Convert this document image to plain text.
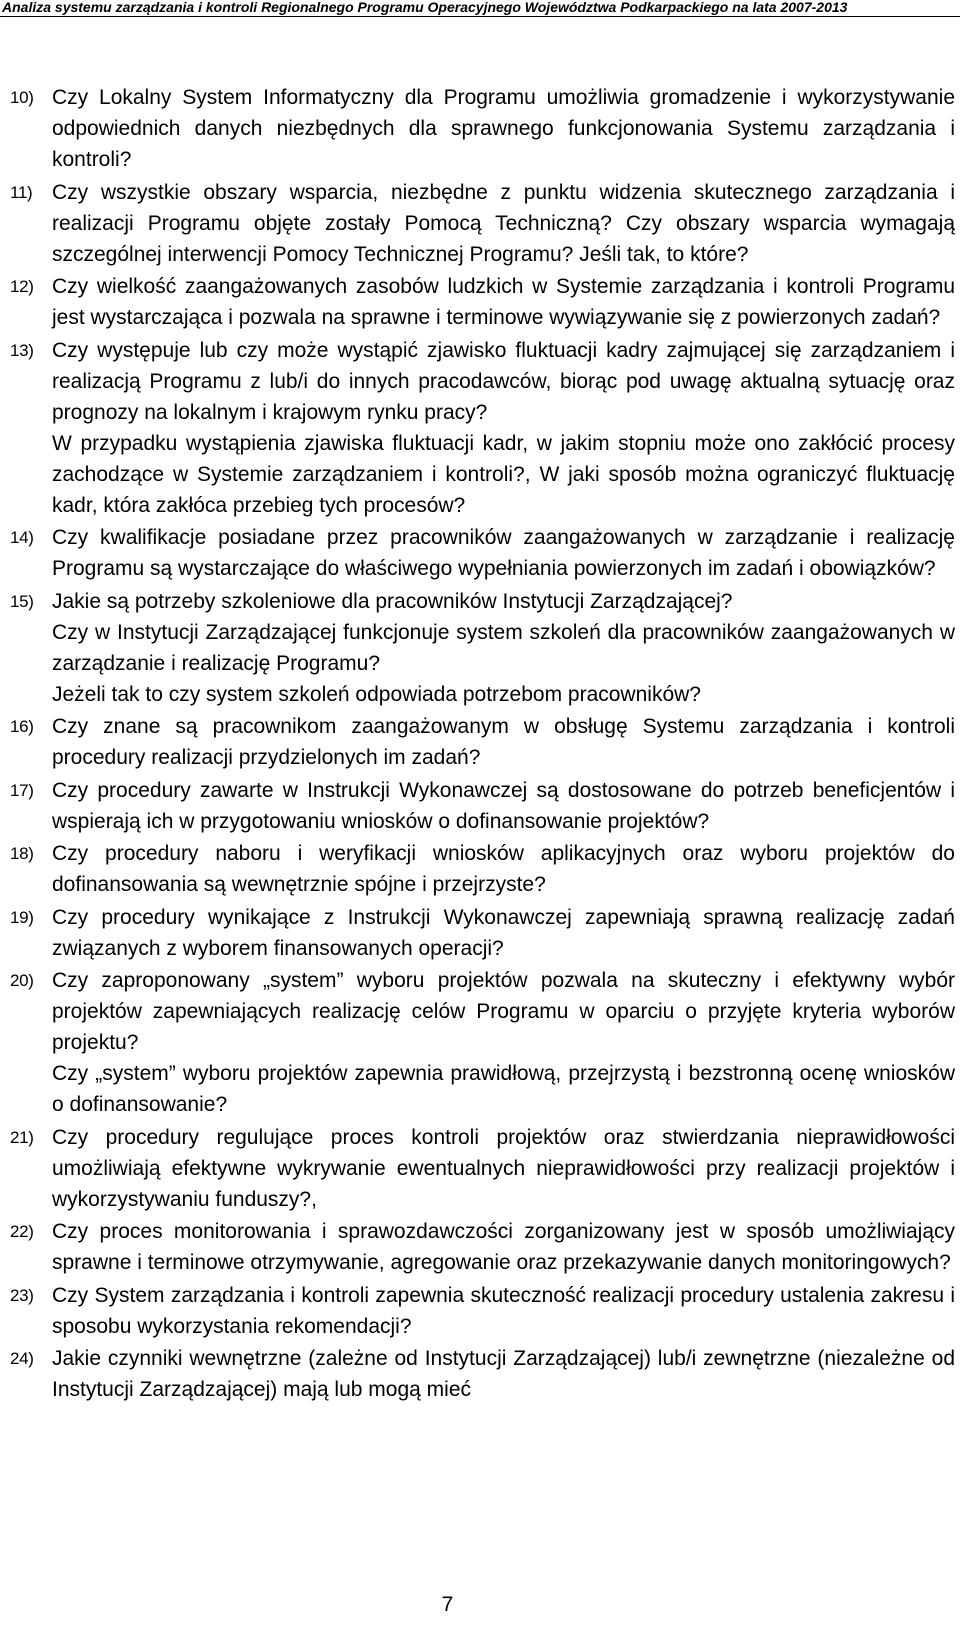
Analiza systemu zarządzania i kontroli Regionalnego Programu Operacyjnego Województwa Podkarpackiego na lata 2007-2013
10) Czy Lokalny System Informatyczny dla Programu umożliwia gromadzenie i wykorzystywanie odpowiednich danych niezbędnych dla sprawnego funkcjonowania Systemu zarządzania i kontroli?
11) Czy wszystkie obszary wsparcia, niezbędne z punktu widzenia skutecznego zarządzania i realizacji Programu objęte zostały Pomocą Techniczną? Czy obszary wsparcia wymagają szczególnej interwencji Pomocy Technicznej Programu? Jeśli tak, to które?
12) Czy wielkość zaangażowanych zasobów ludzkich w Systemie zarządzania i kontroli Programu jest wystarczająca i pozwala na sprawne i terminowe wywiązywanie się z powierzonych zadań?
13) Czy występuje lub czy może wystąpić zjawisko fluktuacji kadry zajmującej się zarządzaniem i realizacją Programu z lub/i do innych pracodawców, biorąc pod uwagę aktualną sytuację oraz prognozy na lokalnym i krajowym rynku pracy?
W przypadku wystąpienia zjawiska fluktuacji kadr, w jakim stopniu może ono zakłócić procesy zachodzące w Systemie zarządzaniem i kontroli?, W jaki sposób można ograniczyć fluktuację kadr, która zakłóca przebieg tych procesów?
14) Czy kwalifikacje posiadane przez pracowników zaangażowanych w zarządzanie i realizację Programu są wystarczające do właściwego wypełniania powierzonych im zadań i obowiązków?
15) Jakie są potrzeby szkoleniowe dla pracowników Instytucji Zarządzającej?
Czy w Instytucji Zarządzającej funkcjonuje system szkoleń dla pracowników zaangażowanych w zarządzanie i realizację Programu?
Jeżeli tak to czy system szkoleń odpowiada potrzebom pracowników?
16) Czy znane są pracownikom zaangażowanym w obsługę Systemu zarządzania i kontroli procedury realizacji przydzielonych im zadań?
17) Czy procedury zawarte w Instrukcji Wykonawczej są dostosowane do potrzeb beneficjentów i wspierają ich w przygotowaniu wniosków o dofinansowanie projektów?
18) Czy procedury naboru i weryfikacji wniosków aplikacyjnych oraz wyboru projektów do dofinansowania są wewnętrznie spójne i przejrzyste?
19) Czy procedury wynikające z Instrukcji Wykonawczej zapewniają sprawną realizację zadań związanych z wyborem finansowanych operacji?
20) Czy zaproponowany „system” wyboru projektów pozwala na skuteczny i efektywny wybór projektów zapewniających realizację celów Programu w oparciu o przyjęte kryteria wyborów projektu?
Czy „system” wyboru projektów zapewnia prawidłową, przejrzystą i bezstronną ocenę wniosków o dofinansowanie?
21) Czy procedury regulujące proces kontroli projektów oraz stwierdzania nieprawidłowości umożliwiają efektywne wykrywanie ewentualnych nieprawidłowości przy realizacji projektów i wykorzystywaniu funduszy?,
22) Czy proces monitorowania i sprawozdawczości zorganizowany jest w sposób umożliwiający sprawne i terminowe otrzymywanie, agregowanie oraz przekazywanie danych monitoringowych?
23) Czy System zarządzania i kontroli zapewnia skuteczność realizacji procedury ustalenia zakresu i sposobu wykorzystania rekomendacji?
24) Jakie czynniki wewnętrzne (zależne od Instytucji Zarządzającej) lub/i zewnętrzne (niezależne od Instytucji Zarządzającej) mają lub mogą mieć
7
